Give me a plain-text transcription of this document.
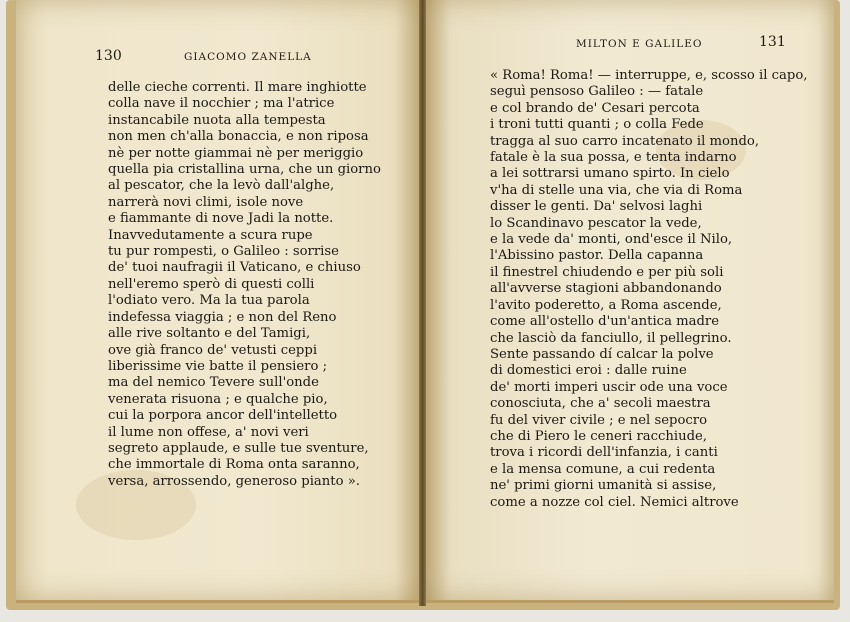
130	GIACOMO ZANELLA
delle cieche correnti. Il mare inghiotte
colla nave il nocchier ; ma l'atrice
instancabile nuota alla tempesta
non men ch'alla bonaccia, e non riposa
nè per notte giammai nè per meriggio
quella pia cristallina urna, che un giorno
al pescator, che la levò dall'alghe,
narrerà novi climi, isole nove
e fiammante di nove Jadi la notte.
Inavvedutamente a scura rupe
tu pur rompesti, o Galileo : sorrise
de' tuoi naufragii il Vaticano, e chiuso
nell'eremo sperò di questi colli
l'odiato vero. Ma la tua parola
indefessa viaggia ; e non del Reno
alle rive soltanto e del Tamigi,
ove già franco de' vetusti ceppi
liberissime vie batte il pensiero ;
ma del nemico Tevere sull'onde
venerata risuona ; e qualche pio,
cui la porpora ancor dell'intelletto
il lume non offese, a' novi veri
segreto applaude, e sulle tue sventure,
che immortale di Roma onta saranno,
versa, arrossendo, generoso pianto ».
MILTON E GALILEO	131
« Roma! Roma! — interruppe, e, scosso il capo,
seguì pensoso Galileo : — fatale
e col brando de' Cesari percota
i troni tutti quanti ; o colla Fede
tragga al suo carro incatenato il mondo,
fatale è la sua possa, e tenta indarno
a lei sottrarsi umano spirto. In cielo
v'ha di stelle una via, che via di Roma
disser le genti. Da' selvosi laghi
lo Scandinavo pescator la vede,
e la vede da' monti, ond'esce il Nilo,
l'Abissino pastor. Della capanna
il finestrel chiudendo e per più soli
all'avverse stagioni abbandonando
l'avito poderetto, a Roma ascende,
come all'ostello d'un'antica madre
che lasciò da fanciullo, il pellegrino.
Sente passando dí calcar la polve
di domestici eroi : dalle ruine
de' morti imperi uscir ode una voce
conosciuta, che a' secoli maestra
fu del viver civile ; e nel sepocro
che di Piero le ceneri racchiude,
trova i ricordi dell'infanzia, i canti
e la mensa comune, a cui redenta
ne' primi giorni umanità si assise,
come a nozze col ciel. Nemici altrove
